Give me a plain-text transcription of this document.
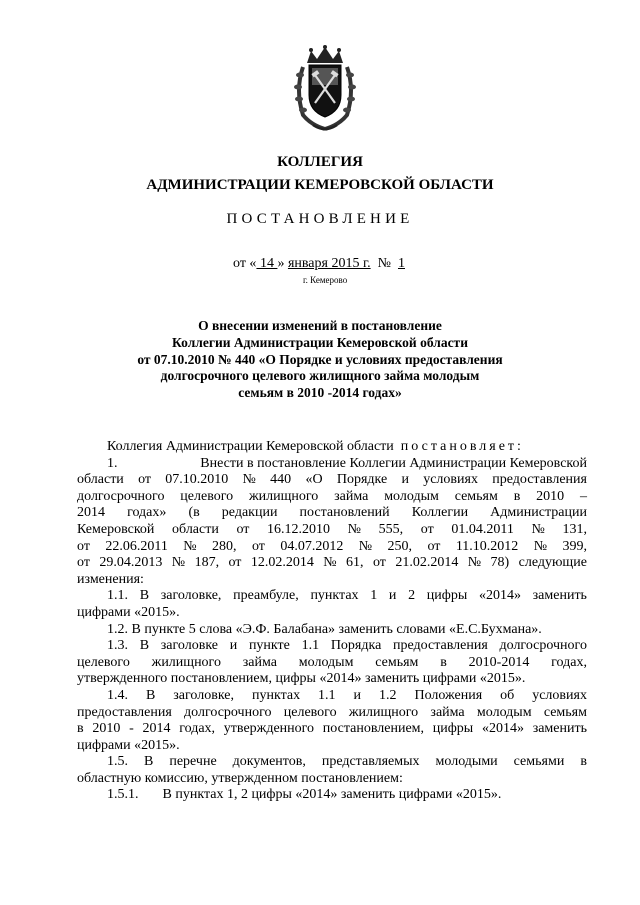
КОЛЛЕГИЯ
АДМИНИСТРАЦИИ КЕМЕРОВСКОЙ ОБЛАСТИ
ПОСТАНОВЛЕНИЕ
от « 14 » января 2015 г. № 1
г. Кемерово
О внесении изменений в постановление
Коллегии Администрации Кемеровской области
от 07.10.2010 № 440 «О Порядке и условиях предоставления
долгосрочного целевого жилищного займа молодым
семьям в 2010 -2014 годах»
Коллегия Администрации Кемеровской области постановляет:
1.	Внести в постановление Коллегии Администрации Кемеровской
области от 07.10.2010 № 440 «О Порядке и условиях предоставления
долгосрочного целевого жилищного займа молодым семьям в 2010 –
2014 годах» (в редакции постановлений Коллегии Администрации
Кемеровской области от 16.12.2010 № 555, от 01.04.2011 № 131,
от 22.06.2011 № 280, от 04.07.2012 № 250, от 11.10.2012 № 399,
от 29.04.2013 № 187, от 12.02.2014 № 61, от 21.02.2014 № 78) следующие
изменения:
1.1. В заголовке, преамбуле, пунктах 1 и 2 цифры «2014» заменить
цифрами «2015».
1.2. В пункте 5 слова «Э.Ф. Балабана» заменить словами «Е.С.Бухмана».
1.3. В заголовке и пункте 1.1 Порядка предоставления долгосрочного
целевого жилищного займа молодым семьям в 2010-2014 годах,
утвержденного постановлением, цифры «2014» заменить цифрами «2015».
1.4. В заголовке, пунктах 1.1 и 1.2 Положения об условиях
предоставления долгосрочного целевого жилищного займа молодым семьям
в 2010 - 2014 годах, утвержденного постановлением, цифры «2014» заменить
цифрами «2015».
1.5. В перечне документов, представляемых молодыми семьями в
областную комиссию, утвержденном постановлением:
1.5.1. В пунктах 1, 2 цифры «2014» заменить цифрами «2015».
